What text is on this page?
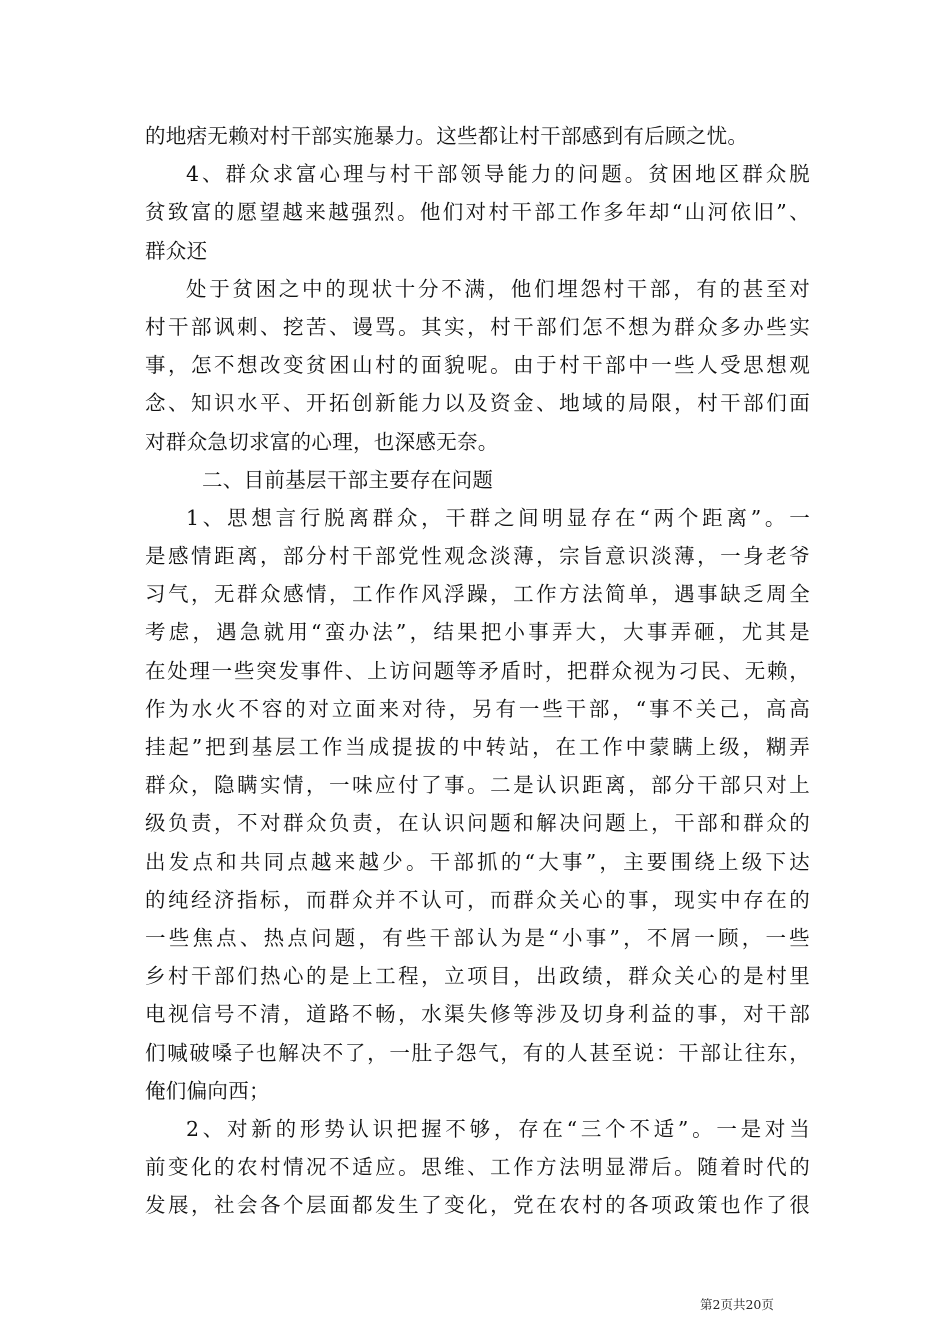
的地痞无赖对村干部实施暴力。这些都让村干部感到有后顾之忧。
4、群众求富心理与村干部领导能力的问题。贫困地区群众脱
贫致富的愿望越来越强烈。他们对村干部工作多年却“山河依旧”、
群众还
处于贫困之中的现状十分不满，他们埋怨村干部，有的甚至对
村干部讽刺、挖苦、谩骂。其实，村干部们怎不想为群众多办些实
事，怎不想改变贫困山村的面貌呢。由于村干部中一些人受思想观
念、知识水平、开拓创新能力以及资金、地域的局限，村干部们面
对群众急切求富的心理，也深感无奈。
二、目前基层干部主要存在问题
1、思想言行脱离群众，干群之间明显存在“两个距离”。一
是感情距离，部分村干部党性观念淡薄，宗旨意识淡薄，一身老爷
习气，无群众感情，工作作风浮躁，工作方法简单，遇事缺乏周全
考虑，遇急就用“蛮办法”，结果把小事弄大，大事弄砸，尤其是
在处理一些突发事件、上访问题等矛盾时，把群众视为刁民、无赖，
作为水火不容的对立面来对待，另有一些干部，“事不关己，高高
挂起”把到基层工作当成提拔的中转站，在工作中蒙瞒上级，糊弄
群众，隐瞒实情，一味应付了事。二是认识距离，部分干部只对上
级负责，不对群众负责，在认识问题和解决问题上，干部和群众的
出发点和共同点越来越少。干部抓的“大事”，主要围绕上级下达
的纯经济指标，而群众并不认可，而群众关心的事，现实中存在的
一些焦点、热点问题，有些干部认为是“小事”，不屑一顾，一些
乡村干部们热心的是上工程，立项目，出政绩，群众关心的是村里
电视信号不清，道路不畅，水渠失修等涉及切身利益的事，对干部
们喊破嗓子也解决不了，一肚子怨气，有的人甚至说：干部让往东，
俺们偏向西；
2、对新的形势认识把握不够，存在“三个不适”。一是对当
前变化的农村情况不适应。思维、工作方法明显滞后。随着时代的
发展，社会各个层面都发生了变化，党在农村的各项政策也作了很
第2页共20页
